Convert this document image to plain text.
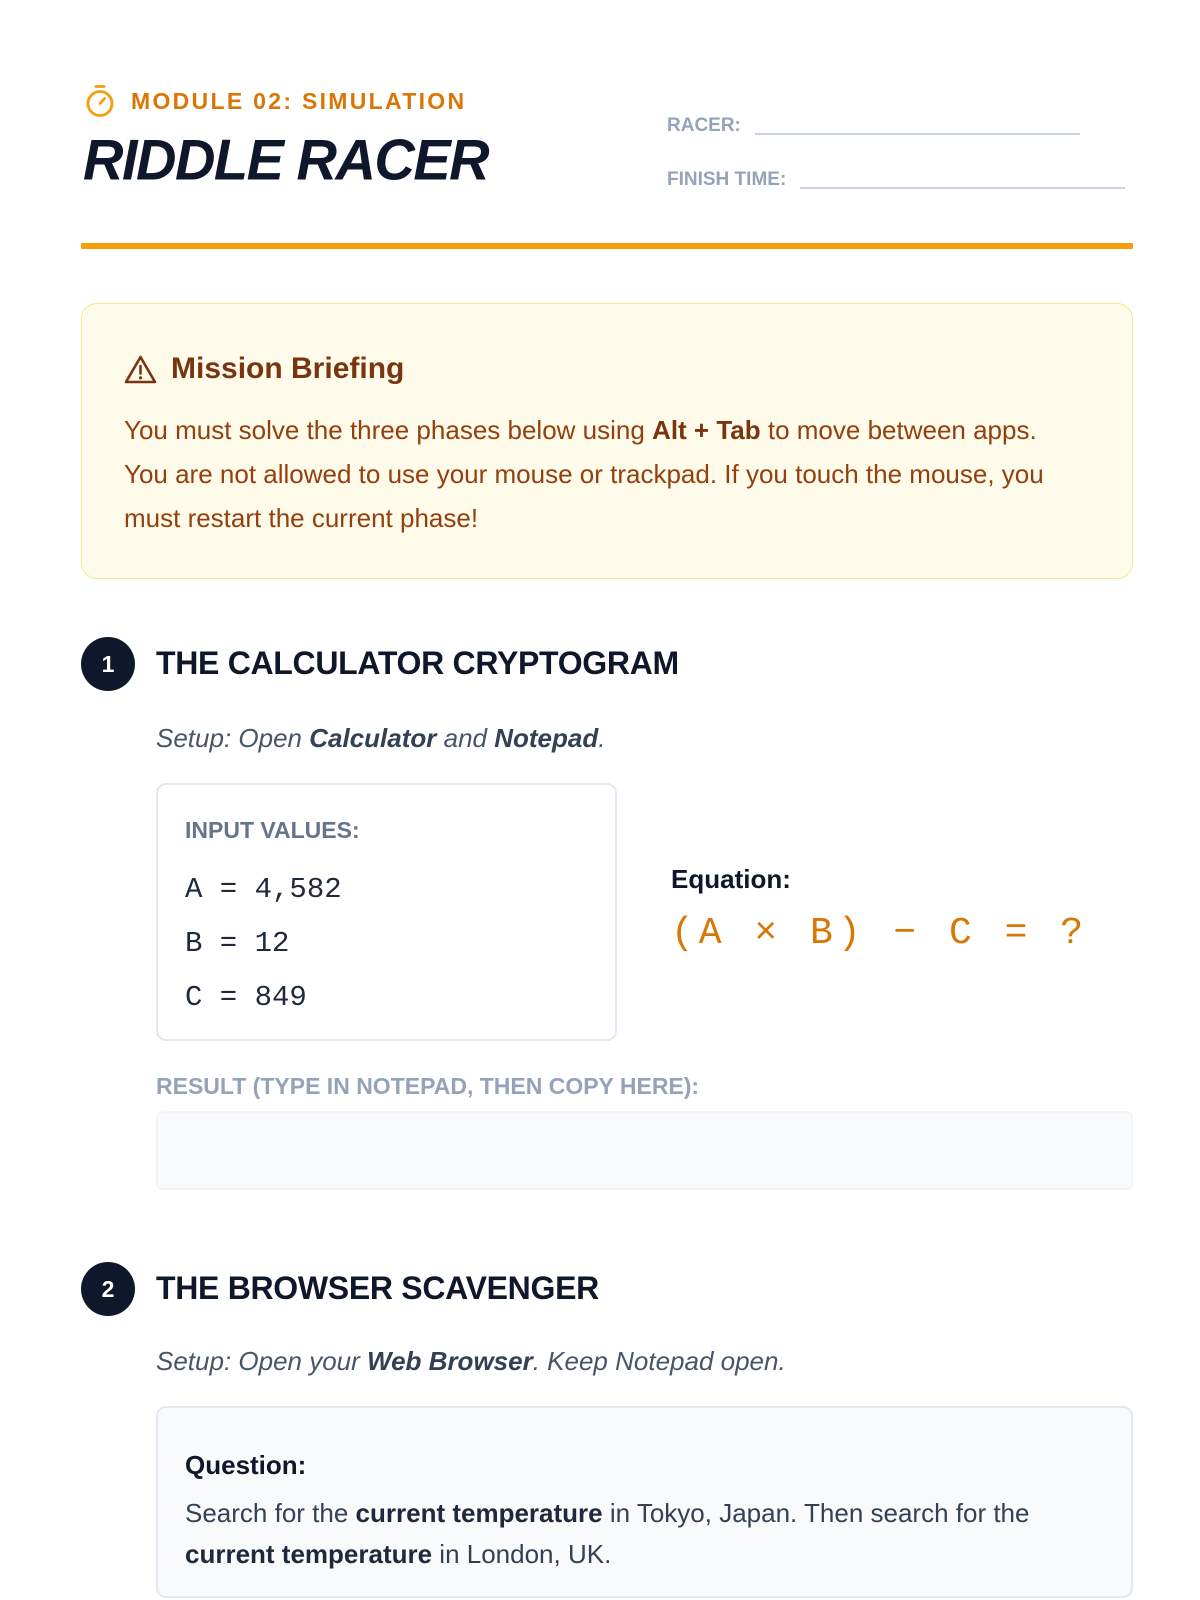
MODULE 02: SIMULATION
RIDDLE RACER
RACER:
FINISH TIME:
Mission Briefing

You must solve the three phases below using Alt + Tab to move between apps. You are not allowed to use your mouse or trackpad. If you touch the mouse, you must restart the current phase!

1	THE CALCULATOR CRYPTOGRAM
Setup: Open Calculator and Notepad.
INPUT VALUES:
A = 4,582
B = 12
C = 849
Equation:
(A × B) − C = ?
RESULT (TYPE IN NOTEPAD, THEN COPY HERE):
2	THE BROWSER SCAVENGER
Setup: Open your Web Browser. Keep Notepad open.
Question:

Search for the current temperature in Tokyo, Japan. Then search for the current temperature in London, UK.
